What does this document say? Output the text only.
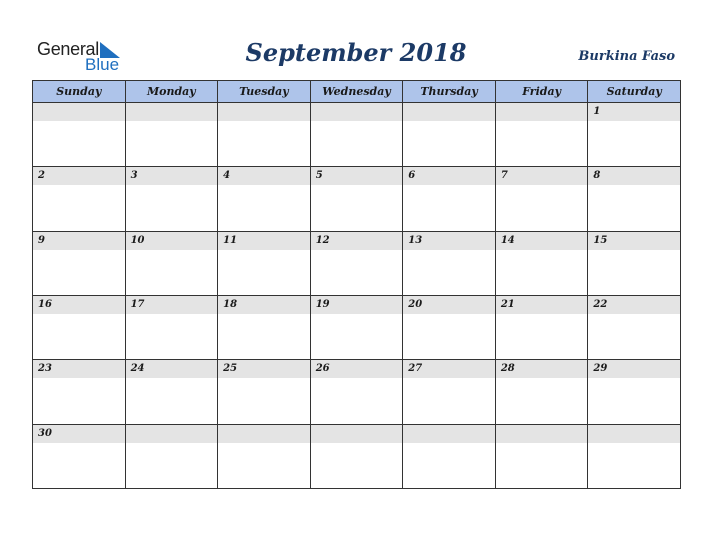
General
Blue	September 2018	Burkina Faso
Sunday	Monday	Tuesday	Wednesday	Thursday	Friday	Saturday

						1

2	3	4	5	6	7	8

9	10	11	12	13	14	15

16	17	18	19	20	21	22

23	24	25	26	27	28	29

30						
